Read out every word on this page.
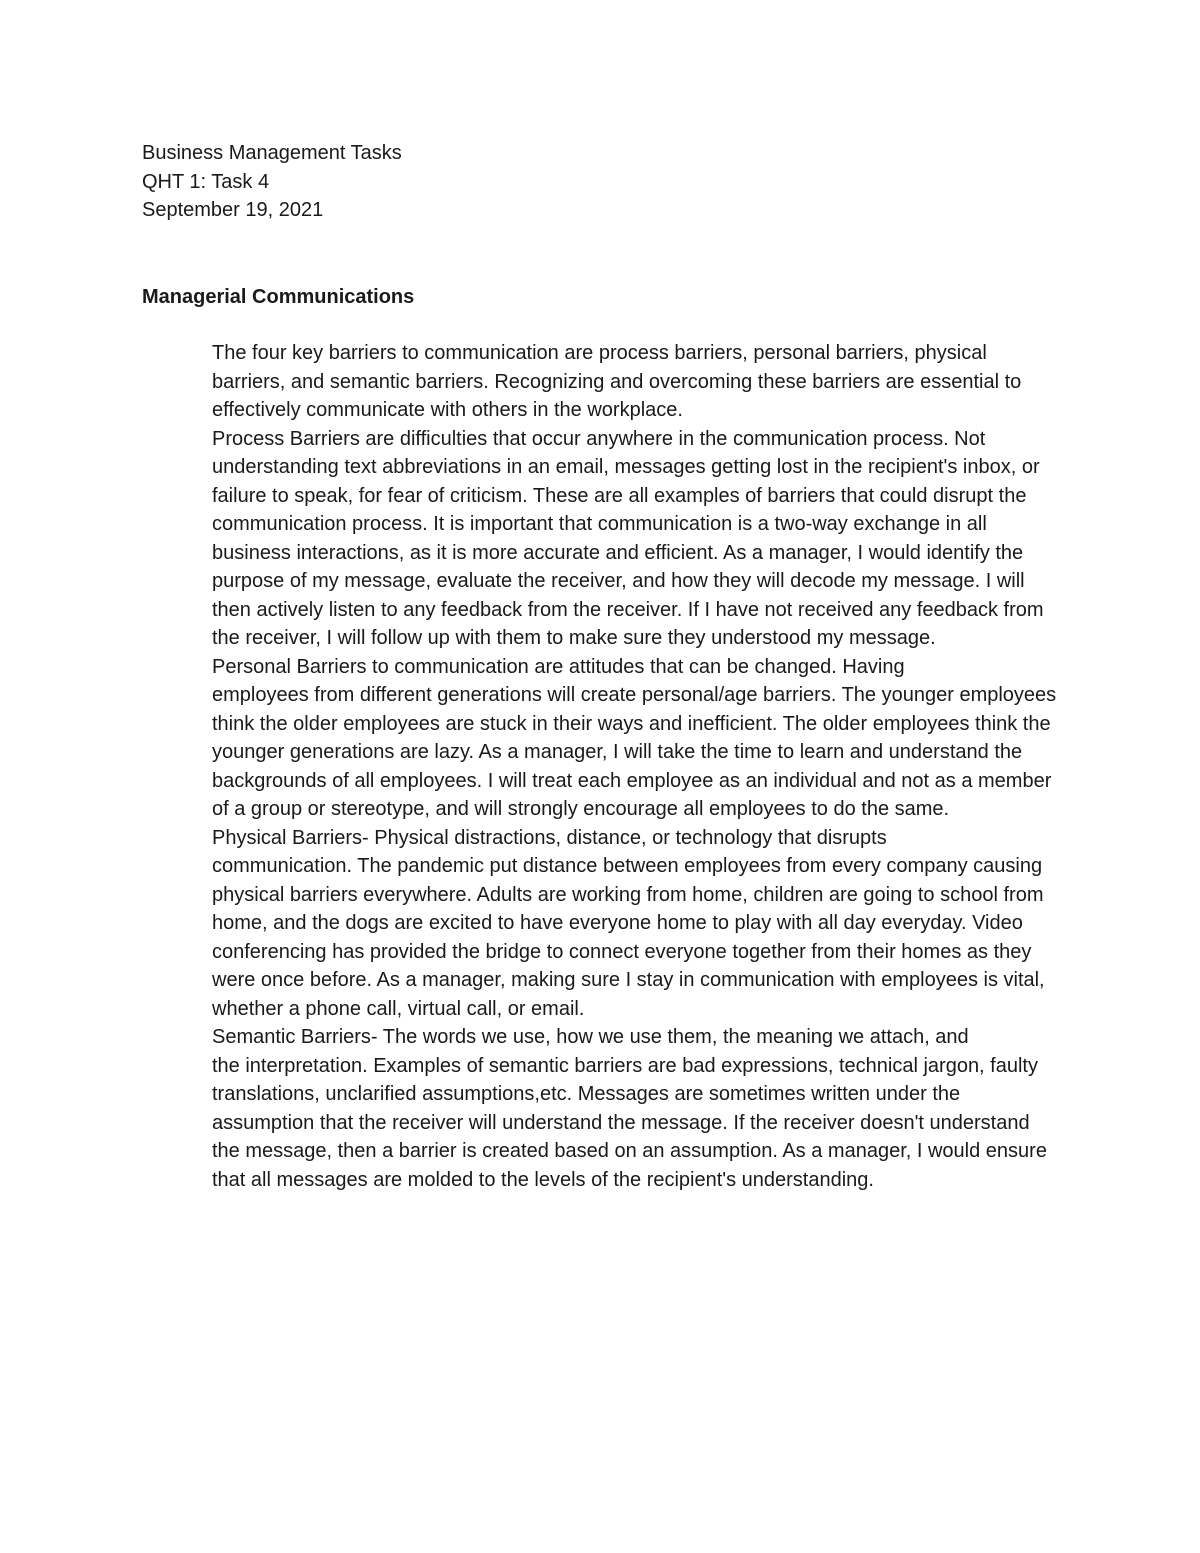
Business Management Tasks

QHT 1: Task 4

September 19, 2021

Managerial Communications

The four key barriers to communication are process barriers, personal barriers, physical
barriers, and semantic barriers. Recognizing and overcoming these barriers are essential to
effectively communicate with others in the workplace.

Process Barriers are difficulties that occur anywhere in the communication process. Not
understanding text abbreviations in an email, messages getting lost in the recipient's inbox, or
failure to speak, for fear of criticism. These are all examples of barriers that could disrupt the
communication process. It is important that communication is a two-way exchange in all
business interactions, as it is more accurate and efficient. As a manager, I would identify the
purpose of my message, evaluate the receiver, and how they will decode my message. I will
then actively listen to any feedback from the receiver. If I have not received any feedback from
the receiver, I will follow up with them to make sure they understood my message.

Personal Barriers to communication are attitudes that can be changed. Having
employees from different generations will create personal/age barriers. The younger employees
think the older employees are stuck in their ways and inefficient. The older employees think the
younger generations are lazy. As a manager, I will take the time to learn and understand the
backgrounds of all employees. I will treat each employee as an individual and not as a member
of a group or stereotype, and will strongly encourage all employees to do the same.

Physical Barriers- Physical distractions, distance, or technology that disrupts
communication. The pandemic put distance between employees from every company causing
physical barriers everywhere. Adults are working from home, children are going to school from
home, and the dogs are excited to have everyone home to play with all day everyday. Video
conferencing has provided the bridge to connect everyone together from their homes as they
were once before. As a manager, making sure I stay in communication with employees is vital,
whether a phone call, virtual call, or email.

Semantic Barriers- The words we use, how we use them, the meaning we attach, and
the interpretation. Examples of semantic barriers are bad expressions, technical jargon, faulty
translations, unclarified assumptions,etc. Messages are sometimes written under the
assumption that the receiver will understand the message. If the receiver doesn't understand
the message, then a barrier is created based on an assumption. As a manager, I would ensure
that all messages are molded to the levels of the recipient's understanding.
